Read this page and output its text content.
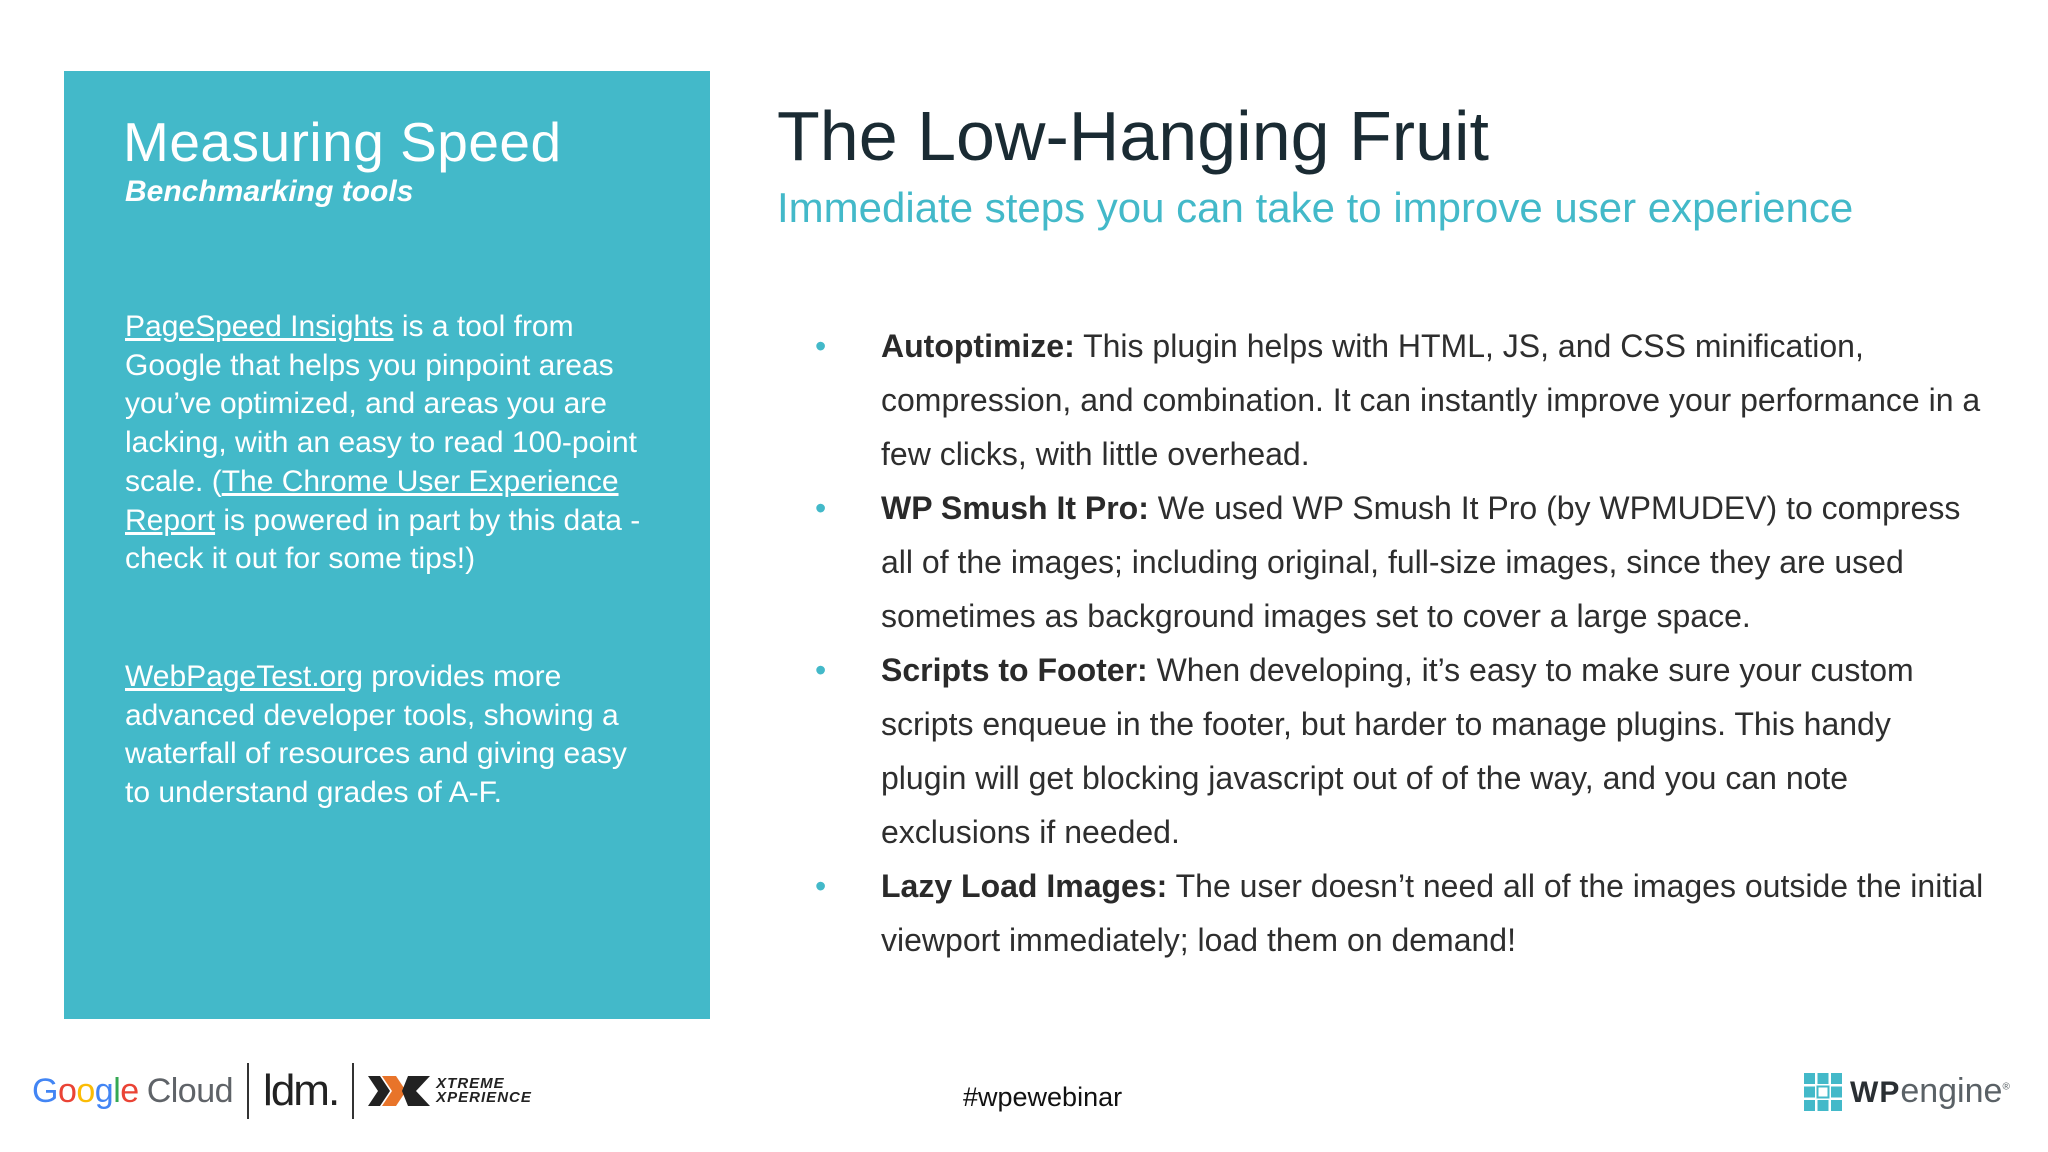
Measuring Speed
Benchmarking tools

PageSpeed Insights is a tool from Google that helps you pinpoint areas you’ve optimized, and areas you are lacking, with an easy to read 100-point scale. (The Chrome User Experience Report is powered in part by this data - check it out for some tips!)

WebPageTest.org provides more advanced developer tools, showing a waterfall of resources and giving easy to understand grades of A-F.

The Low-Hanging Fruit
Immediate steps you can take to improve user experience
• Autoptimize: This plugin helps with HTML, JS, and CSS minification, compression, and combination. It can instantly improve your performance in a few clicks, with little overhead.
• WP Smush It Pro: We used WP Smush It Pro (by WPMUDEV) to compress all of the images; including original, full-size images, since they are used sometimes as background images set to cover a large space.
• Scripts to Footer: When developing, it’s easy to make sure your custom scripts enqueue in the footer, but harder to manage plugins. This handy plugin will get blocking javascript out of of the way, and you can note exclusions if needed.
• Lazy Load Images: The user doesn’t need all of the images outside the initial viewport immediately; load them on demand!
Google Cloud ldm.	XTREME
XPERIENCE	#wpewebinar	WPengine®
